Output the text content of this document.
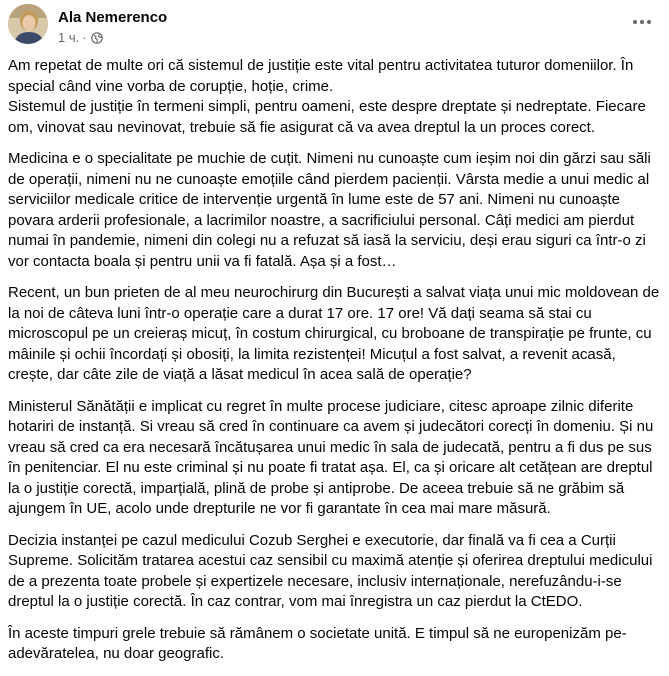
Ala Nemerenco
1 ч. ·

Am repetat de multe ori că sistemul de justiție este vital pentru activitatea tuturor domeniilor. În special când vine vorba de corupție, hoție, crime.
Sistemul de justiție în termeni simpli, pentru oameni, este despre dreptate și nedreptate. Fiecare om, vinovat sau nevinovat, trebuie să fie asigurat că va avea dreptul la un proces corect.

Medicina e o specialitate pe muchie de cuțit. Nimeni nu cunoaște cum ieșim noi din gărzi sau săli de operații, nimeni nu ne cunoaște emoțiile când pierdem pacienții. Vârsta medie a unui medic al serviciilor medicale critice de intervenție urgentă în lume este de 57 ani. Nimeni nu cunoaște povara arderii profesionale, a lacrimilor noastre, a sacrificiului personal. Câți medici am pierdut numai în pandemie, nimeni din colegi nu a refuzat să iasă la serviciu, deși erau siguri ca într-o zi vor contacta boala și pentru unii va fi fatală. Așa și a fost…

Recent, un bun prieten de al meu neurochirurg din București a salvat viața unui mic moldovean de la noi de câteva luni într-o operație care a durat 17 ore. 17 ore! Vă dați seama să stai cu microscopul pe un creieraș micuț, în costum chirurgical, cu broboane de transpirație pe frunte, cu mâinile și ochii încordați și obosiți, la limita rezistenței! Micuțul a fost salvat, a revenit acasă, crește, dar câte zile de viață a lăsat medicul în acea sală de operație?

Ministerul Sănătății e implicat cu regret în multe procese judiciare, citesc aproape zilnic diferite hotariri de instanță. Si vreau să cred în continuare ca avem și judecători corecți în domeniu. Și nu vreau să cred ca era necesară încătușarea unui medic în sala de judecată, pentru a fi dus pe sus în penitenciar. El nu este criminal și nu poate fi tratat așa. El, ca și oricare alt cetățean are dreptul la o justiție corectă, imparțială, plină de probe și antiprobe. De aceea trebuie să ne grăbim să ajungem în UE, acolo unde drepturile ne vor fi garantate în cea mai mare măsură.

Decizia instanței pe cazul medicului Cozub Serghei e executorie, dar finală va fi cea a Curții Supreme. Solicităm tratarea acestui caz sensibil cu maximă atenție și oferirea dreptului medicului de a prezenta toate probele și expertizele necesare, inclusiv internaționale, nerefuzându-i-se dreptul la o justiție corectă. În caz contrar, vom mai înregistra un caz pierdut la CtEDO.

În aceste timpuri grele trebuie să rămânem o societate unită. E timpul să ne europenizăm pe-adevăratelea, nu doar geografic.
